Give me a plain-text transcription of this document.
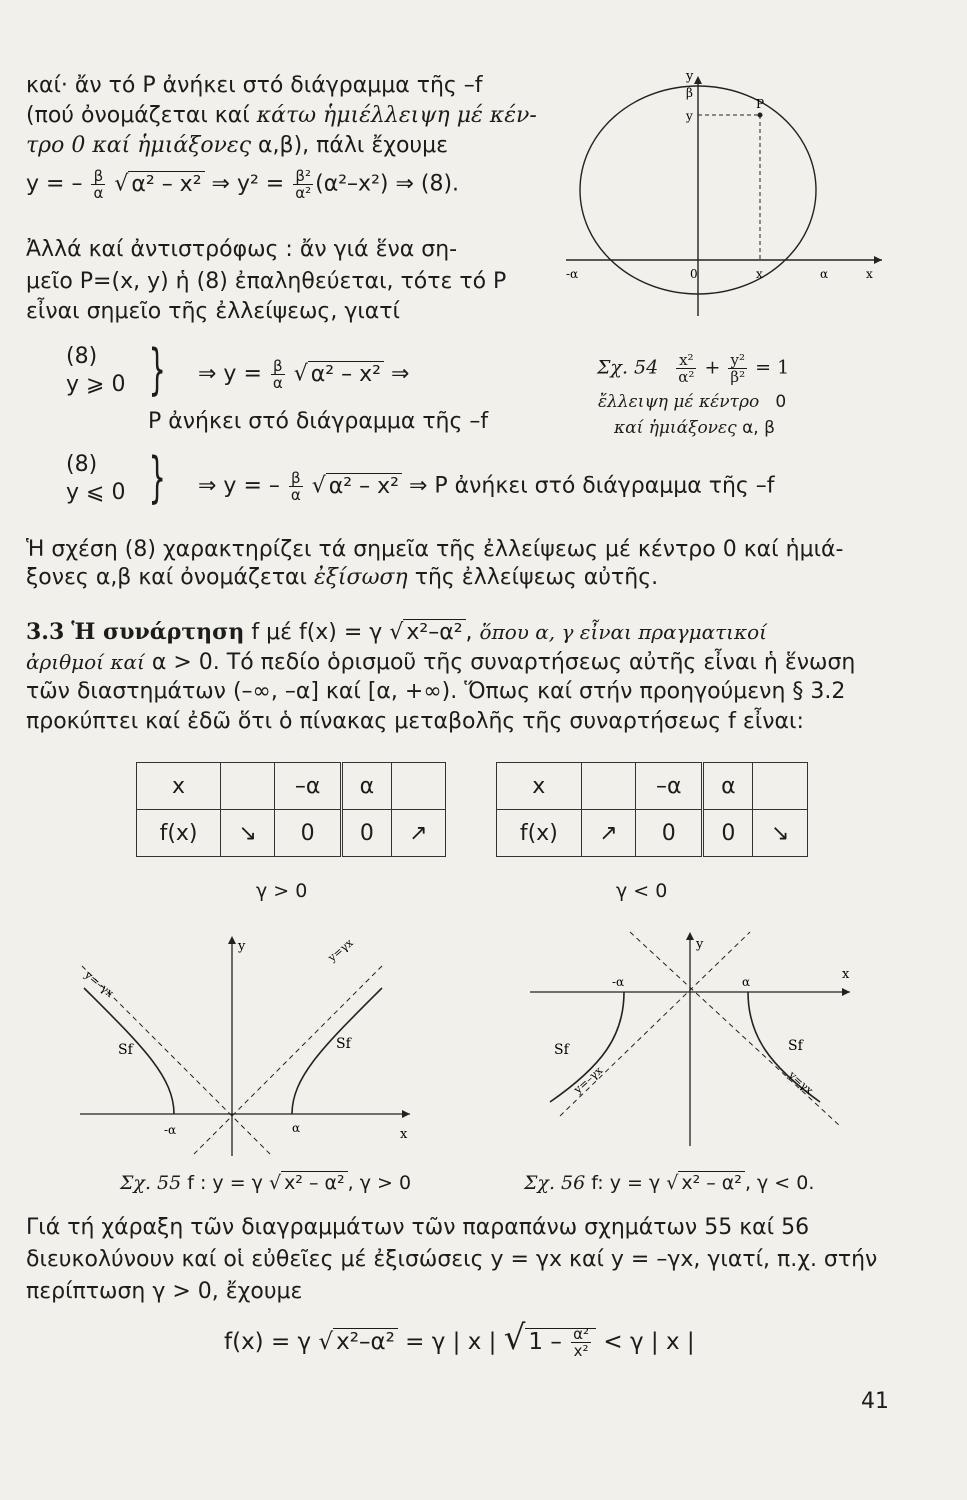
καί· ἄν τό P ἀνήκει στό διάγραμμα τῆς –f
(πού ὀνομάζεται καί κάτω ἡμιέλλειψη μέ κέν-
τρο 0 καί ἡμιάξονες α,β), πάλι ἔχουμε
y = – $\frac{\beta}{\alpha}$ √ α² – x² ⇒ $y^2 = \frac{\text{β²}}{\text{α²}} (\alpha^2-x^2)$ ⇒ (8).
Ἀλλά καί ἀντιστρόφως : ἄν γιά ἕνα ση-
μεῖο P=(x, y) ἡ (8) ἐπαληθεύεται, τότε τό P
εἶναι σημεῖο τῆς ἐλλείψεως, γιατί
(8)
y ⩾ 0 } ⇒ $y = \frac{\beta}{\alpha}$ √ α² – x² ⇒
P ἀνήκει στό διάγραμμα τῆς –f
(8)
y ⩽ 0 } ⇒ y = – $\frac{\beta}{\alpha}$ √ α² – x² ⇒ P ἀνήκει στό διάγραμμα τῆς –f
y
β
y
P
-α	0	x	α	x
Σχ. $54 \frac{\text{x²}}{\text{α²}} + \frac{\text{y²}}{\text{β²}} = 1$
ἔλλειψη μέ κέντρο 0
καί ἡμιάξονες α, β
Ἡ σχέση (8) χαρακτηρίζει τά σημεῖα τῆς ἐλλείψεως μέ κέντρο 0 καί ἡμιά-
ξονες α,β καί ὀνομάζεται ἐξίσωση τῆς ἐλλείψεως αὐτῆς.
3.3 Ἡ συνάρτηση f μέ f(x) = γ √ x²–α² , ὅπου α, γ εἶναι πραγματικοί
ἀριθμοί καί α > 0. Τό πεδίο ὁρισμοῦ τῆς συναρτήσεως αὐτῆς εἶναι ἡ ἕνωση
τῶν διαστημάτων (–∞, –α] καί [α, +∞). Ὅπως καί στήν προηγούμενη § 3.2
προκύπτει καί ἐδῶ ὅτι ὁ πίνακας μεταβολῆς τῆς συναρτήσεως f εἶναι:
x		–α	α	
f(x)	↘	0	0	↗
γ > 0
x		–α	α	
f(x)	↗	0	0	↘
γ < 0
y
y=–γx
y=γx
Sf	Sf
-α	α	x
Σχ. 55 f : y = γ √ x² – α² , γ > 0
y
-α	α	x
Sf	Sf
y=–γx	y=γx
Σχ. 56 f: y = γ √ x² – α² , γ < 0.
Γιά τή χάραξη τῶν διαγραμμάτων τῶν παραπάνω σχημάτων 55 καί 56
διευκολύνουν καί οἱ εὐθεῖες μέ ἐξισώσεις y = γx καί y = –γx, γιατί, π.χ. στήν
περίπτωση γ > 0, ἔχουμε
f(x) = γ √ x²–α² = γ | x | √ $1 - \frac{\text{α²}}{\text{x²}} < \gamma$ | x |
41
